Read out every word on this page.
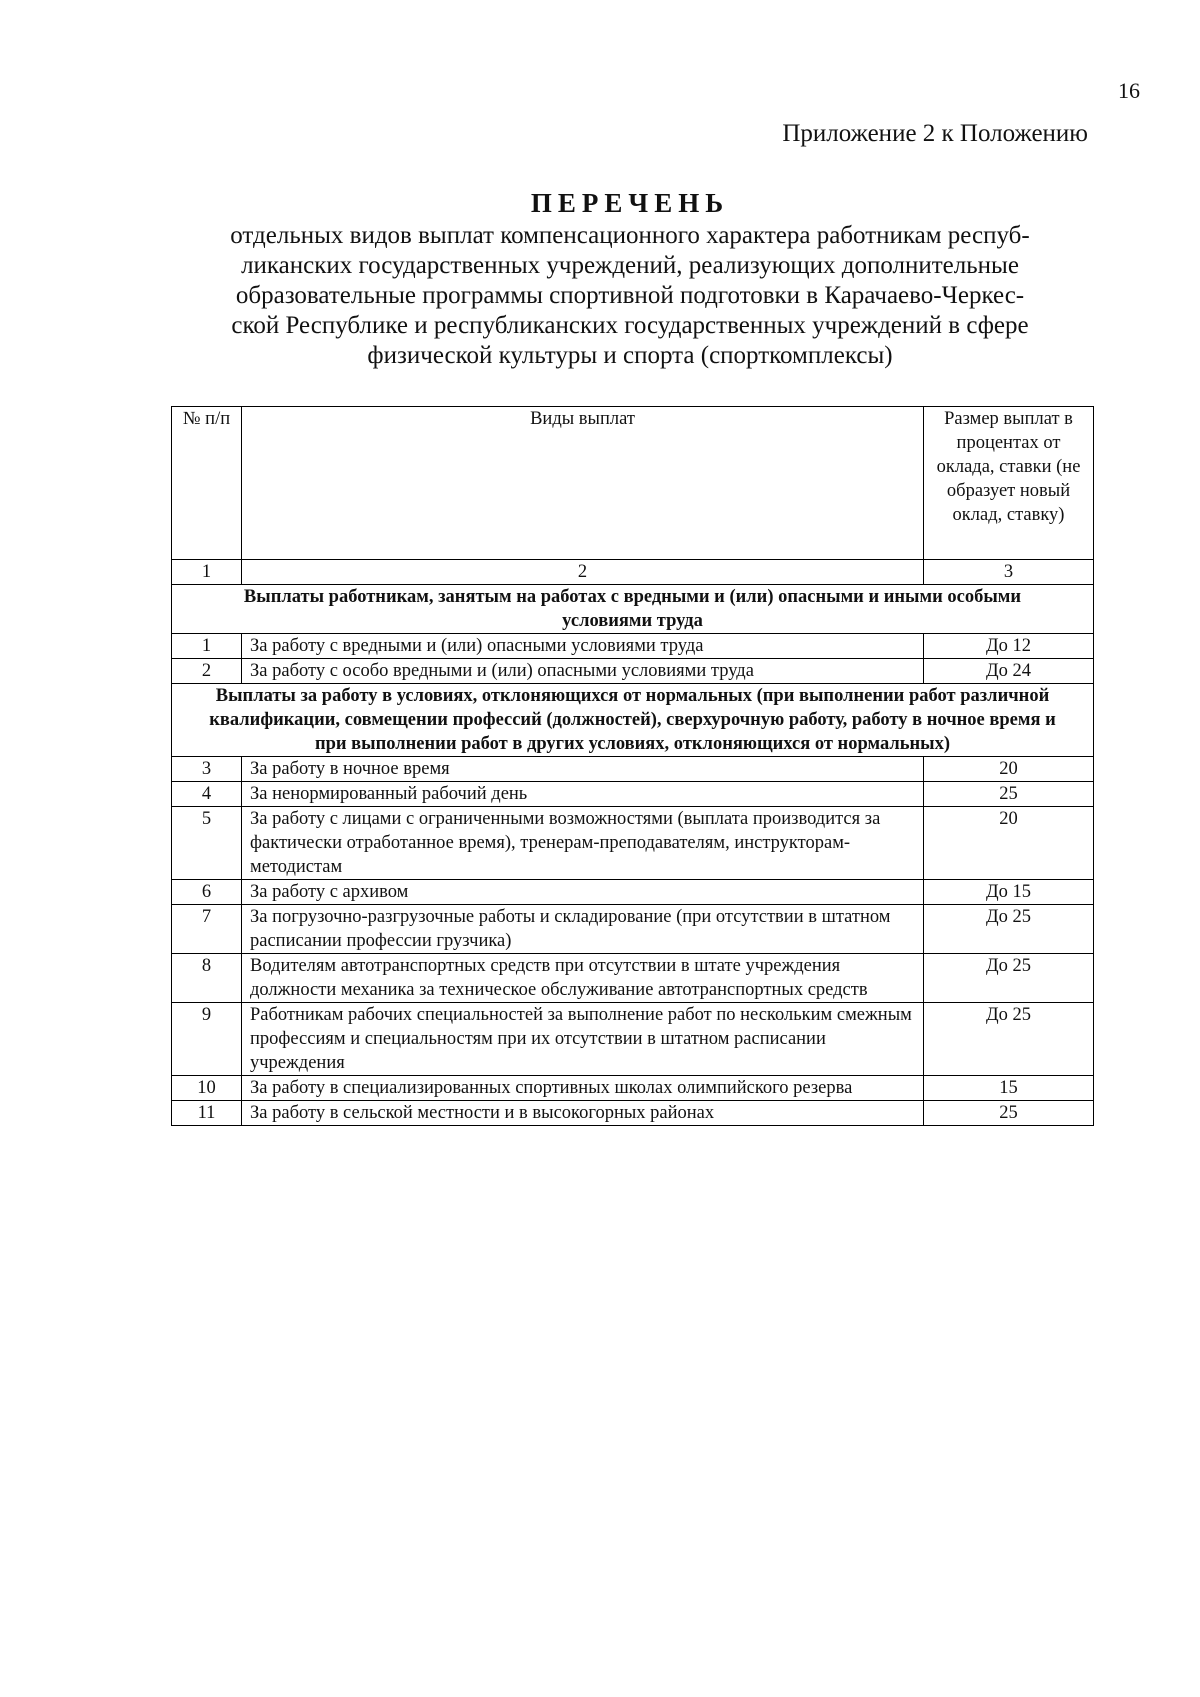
16
Приложение 2 к Положению
ПЕРЕЧЕНЬ
отдельных видов выплат компенсационного характера работникам респуб-
ликанских государственных учреждений, реализующих дополнительные
образовательные программы спортивной подготовки в Карачаево-Черкес-
ской Республике и республиканских государственных учреждений в сфере
физической культуры и спорта (спорткомплексы)
№ п/п	Виды выплат	Размер выплат в процентах от оклада, ставки (не образует новый оклад, ставку)
1	2	3
Выплаты работникам, занятым на работах с вредными и (или) опасными и иными особыми условиями труда		
1	За работу с вредными и (или) опасными условиями труда	До 12
2	За работу с особо вредными и (или) опасными условиями труда	До 24
Выплаты за работу в условиях, отклоняющихся от нормальных (при выполнении работ различной квалификации, совмещении профессий (должностей), сверхурочную работу, работу в ночное время и при выполнении работ в других условиях, отклоняющихся от нормальных)		
3	За работу в ночное время	20
4	За ненормированный рабочий день	25
5	За работу с лицами с ограниченными возможностями (выплата производится за фактически отработанное время), тренерам-преподавателям, инструкторам-методистам	20
6	За работу с архивом	До 15
7	За погрузочно-разгрузочные работы и складирование (при отсутствии в штатном расписании профессии грузчика)	До 25
8	Водителям автотранспортных средств при отсутствии в штате учреждения должности механика за техническое обслуживание автотранспортных средств	До 25
9	Работникам рабочих специальностей за выполнение работ по нескольким смежным профессиям и специальностям при их отсутствии в штатном расписании учреждения	До 25
10	За работу в специализированных спортивных школах олимпийского резерва	15
11	За работу в сельской местности и в высокогорных районах	25
